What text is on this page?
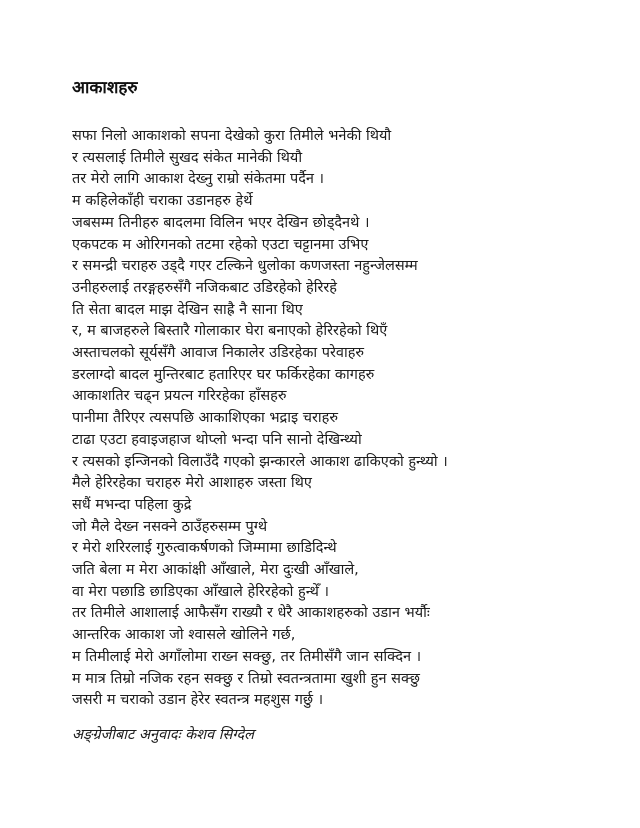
आकाशहरु

सफा निलो आकाशको सपना देखेको कुरा तिमीले भनेकी थियौ

र त्यसलाई तिमीले सुखद संकेत मानेकी थियौ

तर मेरो लागि आकाश देख्नु राम्रो संकेतमा पर्दैन ।

म कहिलेकाँही चराका उडानहरु हेर्थे

जबसम्म तिनीहरु बादलमा विलिन भएर देखिन छोड्दैनथे ।

एकपटक म ओरिगनको तटमा रहेको एउटा चट्टानमा उभिए

र समन्द्री चराहरु उड्दै गएर टल्किने धुलोका कणजस्ता नहुन्जेलसम्म

उनीहरुलाई तरङ्गहरुसँगै नजिकबाट उडिरहेको हेरिरहे

ति सेता बादल माझ देखिन साह्रै नै साना थिए

र, म बाजहरुले बिस्तारै गोलाकार घेरा बनाएको हेरिरहेको थिएँ

अस्ताचलको सूर्यसँगै आवाज निकालेर उडिरहेका परेवाहरु

डरलाग्दो बादल मुन्तिरबाट हतारिएर घर फर्किरहेका कागहरु

आकाशतिर चढ्न प्रयत्न गरिरहेका हाँसहरु

पानीमा तैरिएर त्यसपछि आकाशिएका भद्राइ चराहरु

टाढा एउटा हवाइजहाज थोप्लो भन्दा पनि सानो देखिन्थ्यो

र त्यसको इन्जिनको विलाउँदै गएको झन्कारले आकाश ढाकिएको हुन्थ्यो ।

मैले हेरिरहेका चराहरु मेरो आशाहरु जस्ता थिए

सधैं मभन्दा पहिला कुद्रे

जो मैले देख्न नसक्ने ठाउँहरुसम्म पुग्थे

र मेरो शरिरलाई गुरुत्वाकर्षणको जिम्मामा छाडिदिन्थे

जति बेला म मेरा आकांक्षी आँखाले, मेरा दुःखी आँखाले,

वा मेरा पछाडि छाडिएका आँखाले हेरिरहेको हुन्थेँ ।

तर तिमीले आशालाई आफैसँग राख्यौ र धेरै आकाशहरुको उडान भर्यौः

आन्तरिक आकाश जो श्वासले खोलिने गर्छ,

म तिमीलाई मेरो अगाँलोमा राख्न सक्छु, तर तिमीसँगै जान सक्दिन ।

म मात्र तिम्रो नजिक रहन सक्छु र तिम्रो स्वतन्त्रतामा खुशी हुन सक्छु

जसरी म चराको उडान हेरेर स्वतन्त्र महशुस गर्छु ।

अङ्ग्रेजीबाट अनुवादः केशव सिग्देल
